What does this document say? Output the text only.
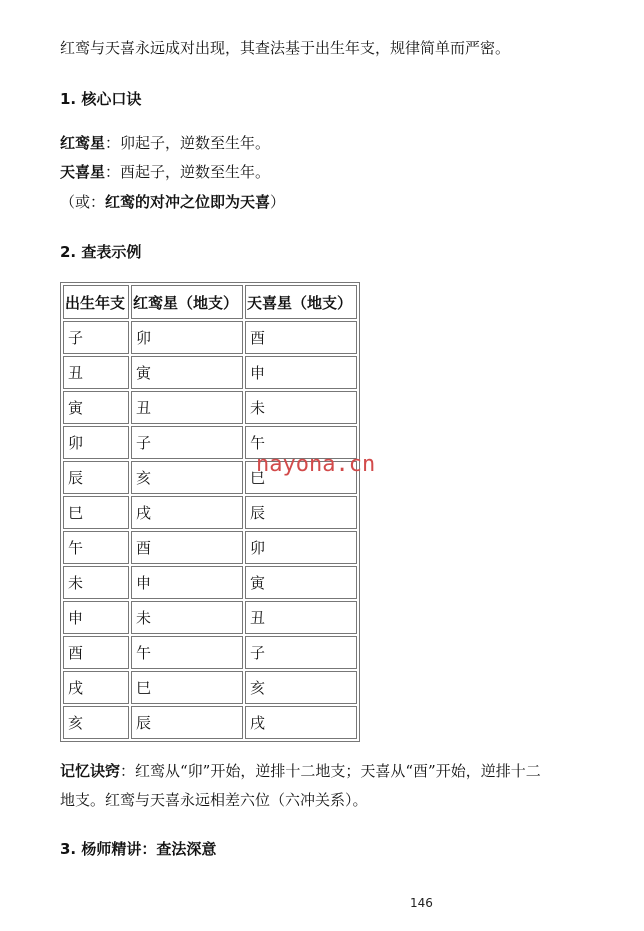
红鸾与天喜永远成对出现，其查法基于出生年支，规律简单而严密。
1. 核心口诀
红鸾星：卯起子，逆数至生年。
天喜星：酉起子，逆数至生年。
（或：红鸾的对冲之位即为天喜）
2. 查表示例
出生年支	红鸾星（地支）	天喜星（地支）
子	卯	酉
丑	寅	申
寅	丑	未
卯	子	午
辰	亥	巳
巳	戌	辰
午	酉	卯
未	申	寅
申	未	丑
酉	午	子
戌	巳	亥
亥	辰	戌
nayona.cn
记忆诀窍：红鸾从“卯”开始，逆排十二地支；天喜从“酉”开始，逆排十二
地支。红鸾与天喜永远相差六位（六冲关系）。
3. 杨师精讲：查法深意
146
